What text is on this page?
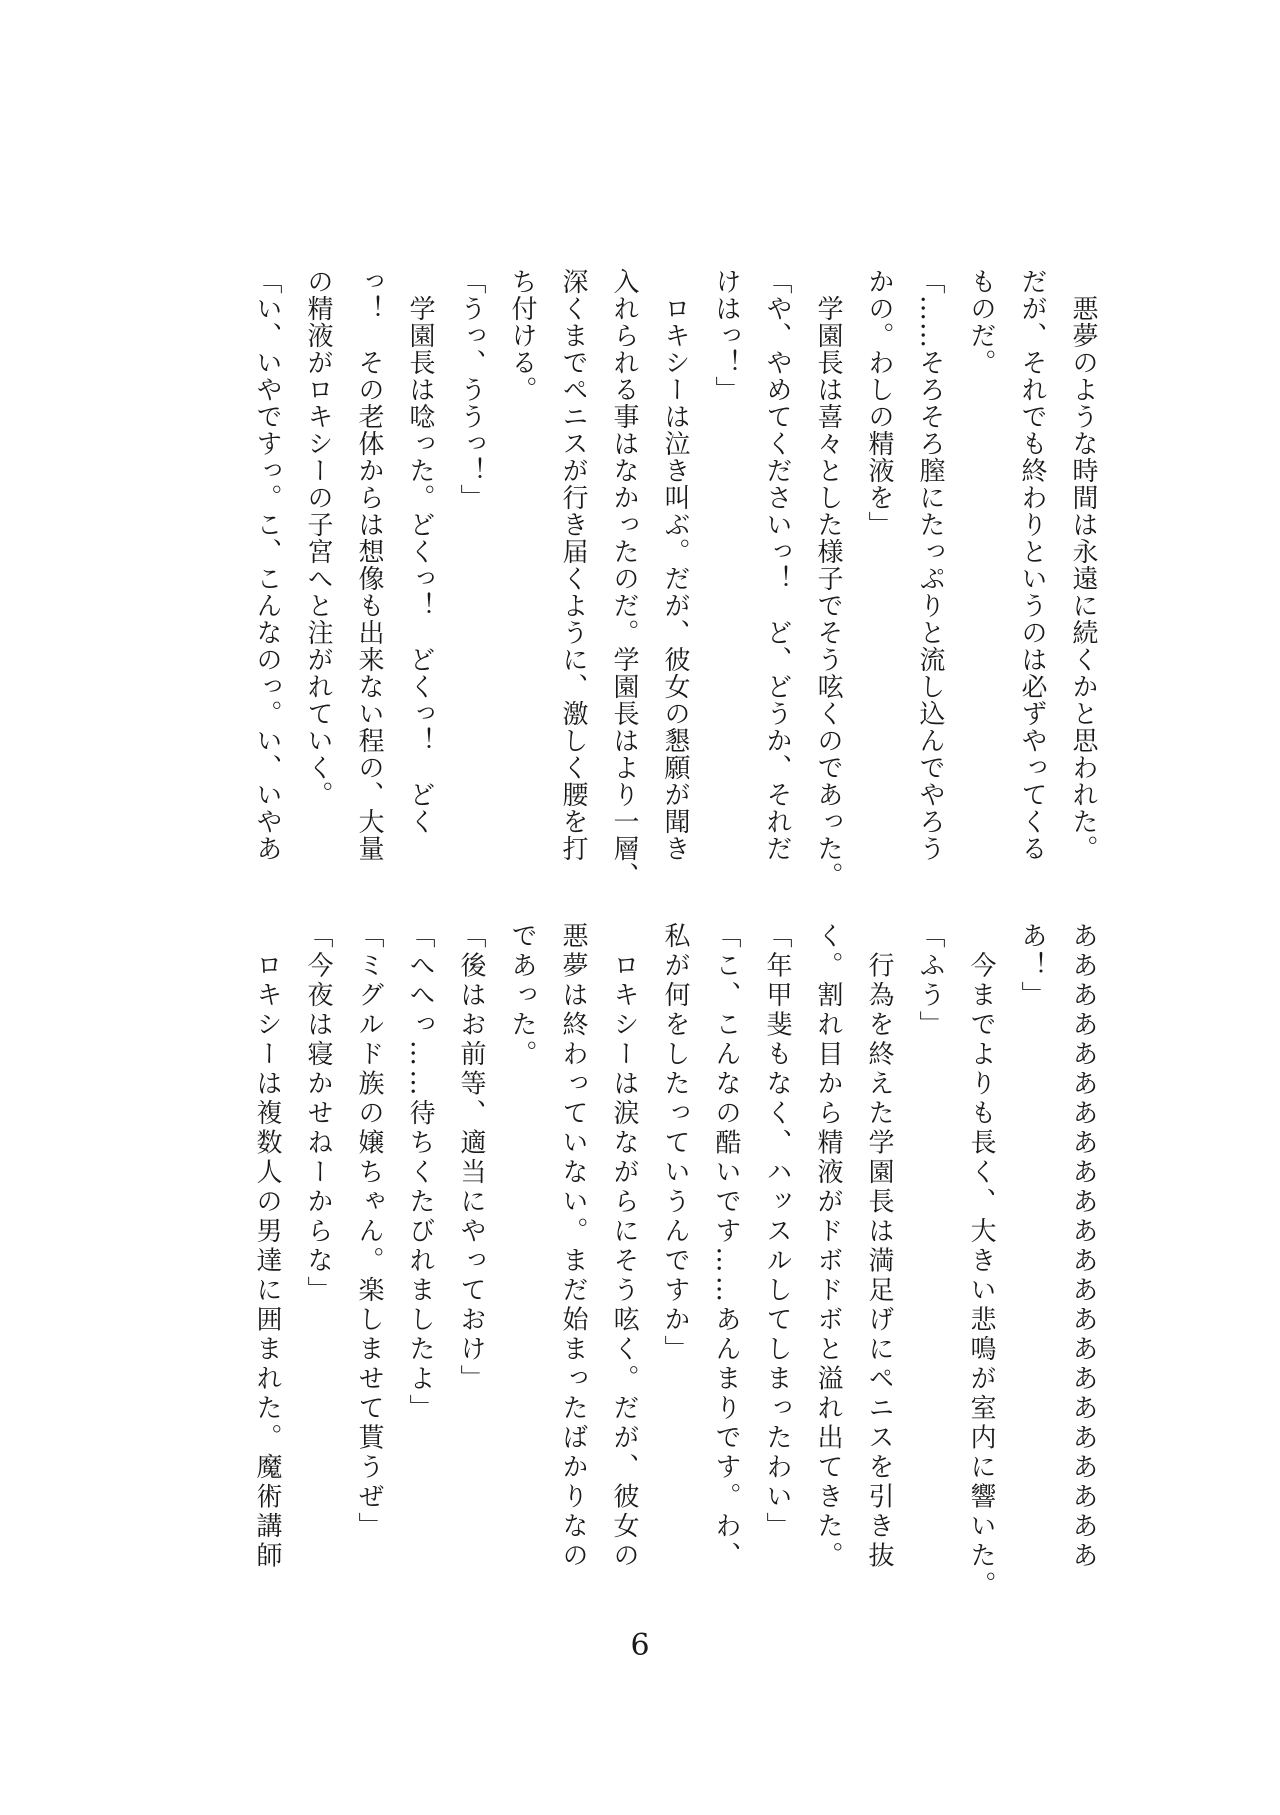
　悪夢のような時間は永遠に続くかと思われた。
だが、それでも終わりというのは必ずやってくる
ものだ。
「……そろそろ膣にたっぷりと流し込んでやろう
かの。わしの精液を」
　学園長は喜々とした様子でそう呟くのであった。
「や、やめてくださいっ！　ど、どうか、それだ
けはっ！」
　ロキシーは泣き叫ぶ。だが、彼女の懇願が聞き
入れられる事はなかったのだ。学園長はより一層、
深くまでペニスが行き届くように、激しく腰を打
ち付ける。
「うっ、ううっ！」
　学園長は唸った。どくっ！　どくっ！　どく
っ！　その老体からは想像も出来ない程の、大量
の精液がロキシーの子宮へと注がれていく。
「い、いやですっ。こ、こんなのっ。い、いやあ
ああああああああああああああああああああああ
あ！」
　今までよりも長く、大きい悲鳴が室内に響いた。
「ふう」
　行為を終えた学園長は満足げにペニスを引き抜
く。割れ目から精液がドボドボと溢れ出てきた。
「年甲斐もなく、ハッスルしてしまったわい」
「こ、こんなの酷いです……あんまりです。わ、
私が何をしたっていうんですか」
　ロキシーは涙ながらにそう呟く。だが、彼女の
悪夢は終わっていない。まだ始まったばかりなの
であった。
「後はお前等、適当にやっておけ」
「へへっ……待ちくたびれましたよ」
「ミグルド族の嬢ちゃん。楽しませて貰うぜ」
「今夜は寝かせねーからな」
　ロキシーは複数人の男達に囲まれた。魔術講師
6
